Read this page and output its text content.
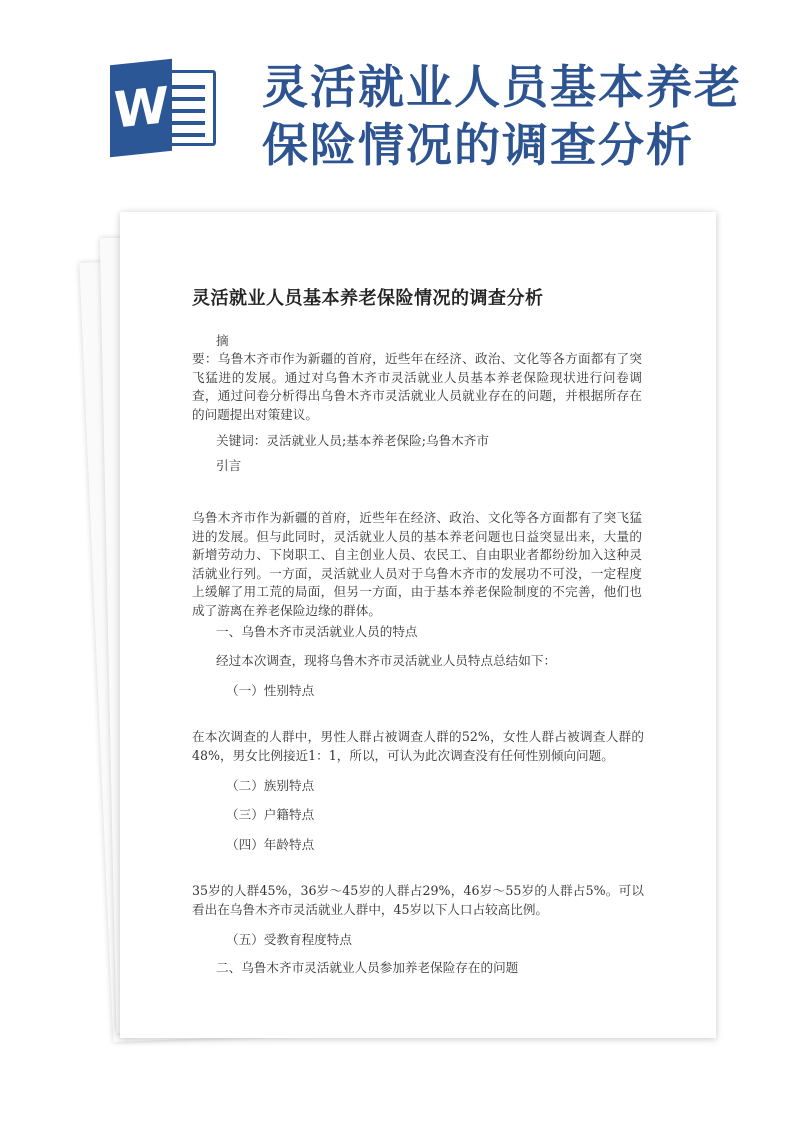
W 灵活就业人员基本养老保险情况的调查分析
灵活就业人员基本养老保险情况的调查分析

摘

要：乌鲁木齐市作为新疆的首府，近些年在经济、政治、文化等各方面都有了突飞猛进的发展。通过对乌鲁木齐市灵活就业人员基本养老保险现状进行问卷调查，通过问卷分析得出乌鲁木齐市灵活就业人员就业存在的问题，并根据所存在的问题提出对策建议。

关键词：灵活就业人员;基本养老保险;乌鲁木齐市

引言

乌鲁木齐市作为新疆的首府，近些年在经济、政治、文化等各方面都有了突飞猛进的发展。但与此同时，灵活就业人员的基本养老问题也日益突显出来，大量的新增劳动力、下岗职工、自主创业人员、农民工、自由职业者都纷纷加入这种灵活就业行列。一方面，灵活就业人员对于乌鲁木齐市的发展功不可没，一定程度上缓解了用工荒的局面，但另一方面，由于基本养老保险制度的不完善，他们也成了游离在养老保险边缘的群体。

一、乌鲁木齐市灵活就业人员的特点

经过本次调查，现将乌鲁木齐市灵活就业人员特点总结如下：

（一）性别特点

在本次调查的人群中，男性人群占被调查人群的52%，女性人群占被调查人群的48%，男女比例接近1：1，所以，可认为此次调查没有任何性别倾向问题。

（二）族别特点

（三）户籍特点

（四）年龄特点

35岁的人群45%，36岁～45岁的人群占29%，46岁～55岁的人群占5%。可以看出在乌鲁木齐市灵活就业人群中，45岁以下人口占较高比例。

（五）受教育程度特点

二、乌鲁木齐市灵活就业人员参加养老保险存在的问题
